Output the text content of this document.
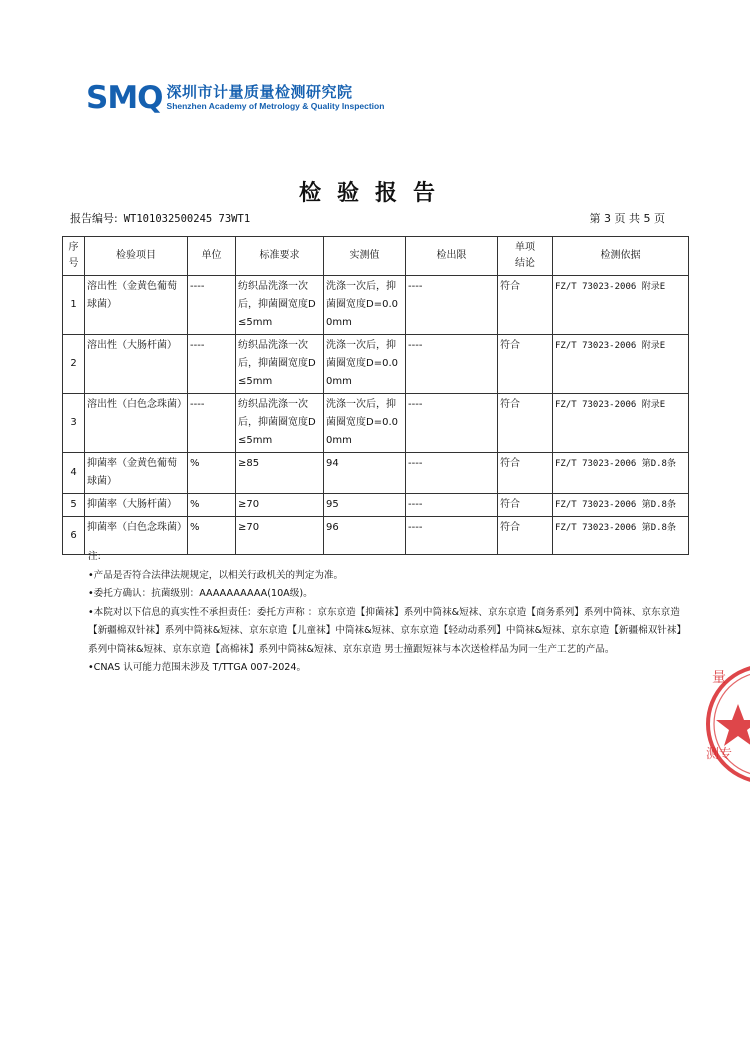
SMQ 深圳市计量质量检测研究院
Shenzhen Academy of Metrology & Quality Inspection
检验报告
报告编号: WT101032500245 73WT1	第 3 页 共 5 页
序号	检验项目	单位	标准要求	实测值	检出限	单项结论	检测依据
1	溶出性（金黄色葡萄球菌）	----	纺织品洗涤一次后，抑菌圈宽度D≤5mm	洗涤一次后，抑菌圈宽度D=0.00mm	----	符合	FZ/T 73023-2006 附录E
2	溶出性（大肠杆菌）	----	纺织品洗涤一次后，抑菌圈宽度D≤5mm	洗涤一次后，抑菌圈宽度D=0.00mm	----	符合	FZ/T 73023-2006 附录E
3	溶出性（白色念珠菌）	----	纺织品洗涤一次后，抑菌圈宽度D≤5mm	洗涤一次后，抑菌圈宽度D=0.00mm	----	符合	FZ/T 73023-2006 附录E
4	抑菌率（金黄色葡萄球菌）	%	≥85	94	----	符合	FZ/T 73023-2006 第D.8条
5	抑菌率（大肠杆菌）	%	≥70	95	----	符合	FZ/T 73023-2006 第D.8条
6	抑菌率（白色念珠菌）	%	≥70	96	----	符合	FZ/T 73023-2006 第D.8条
注:
•产品是否符合法律法规规定，以相关行政机关的判定为准。
•委托方确认：抗菌级别：AAAAAAAAAA(10A级)。
•本院对以下信息的真实性不承担责任：委托方声称 ：京东京造【抑菌袜】系列中筒袜&短袜、京东京造【商务系列】系列中筒袜、京东京造【新疆棉双针袜】系列中筒袜&短袜、京东京造【儿童袜】中筒袜&短袜、京东京造【轻动动系列】中筒袜&短袜、京东京造【新疆棉双针袜】系列中筒袜&短袜、京东京造【高棉袜】系列中筒袜&短袜、京东京造 男士撞跟短袜与本次送检样品为同一生产工艺的产品。
•CNAS 认可能力范围未涉及 T/TTGA 007-2024。
量
测专
